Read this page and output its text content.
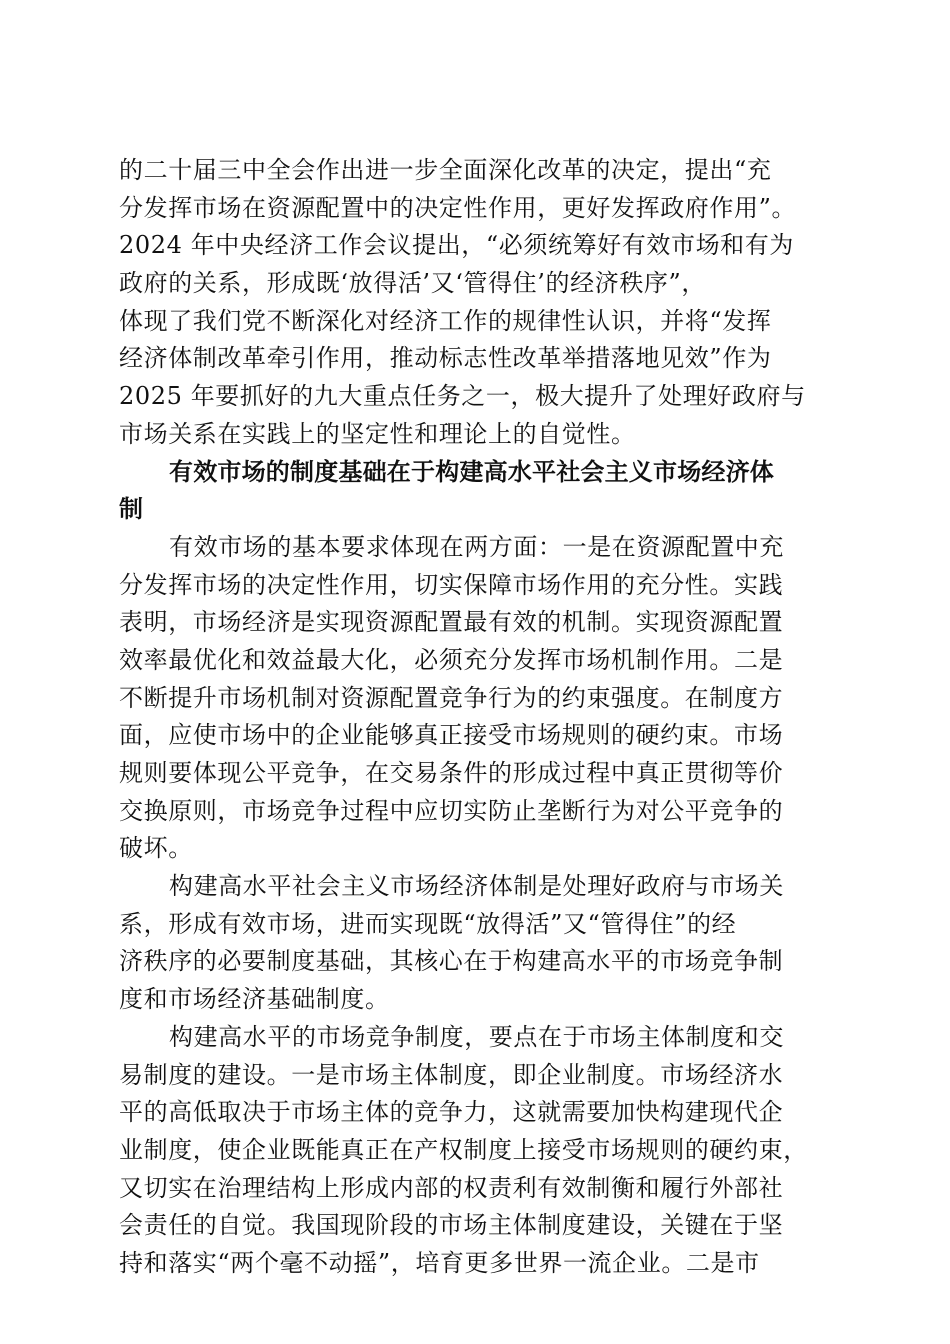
的二十届三中全会作出进一步全面深化改革的决定，提出“充
分发挥市场在资源配置中的决定性作用，更好发挥政府作用”。
2024 年中央经济工作会议提出，“必须统筹好有效市场和有为
政府的关系，形成既‘放得活’又‘管得住’的经济秩序”，
体现了我们党不断深化对经济工作的规律性认识，并将“发挥
经济体制改革牵引作用，推动标志性改革举措落地见效”作为
2025 年要抓好的九大重点任务之一，极大提升了处理好政府与
市场关系在实践上的坚定性和理论上的自觉性。
有效市场的制度基础在于构建高水平社会主义市场经济体
制
有效市场的基本要求体现在两方面：一是在资源配置中充
分发挥市场的决定性作用，切实保障市场作用的充分性。实践
表明，市场经济是实现资源配置最有效的机制。实现资源配置
效率最优化和效益最大化，必须充分发挥市场机制作用。二是
不断提升市场机制对资源配置竞争行为的约束强度。在制度方
面，应使市场中的企业能够真正接受市场规则的硬约束。市场
规则要体现公平竞争，在交易条件的形成过程中真正贯彻等价
交换原则，市场竞争过程中应切实防止垄断行为对公平竞争的
破坏。
构建高水平社会主义市场经济体制是处理好政府与市场关
系，形成有效市场，进而实现既“放得活”又“管得住”的经
济秩序的必要制度基础，其核心在于构建高水平的市场竞争制
度和市场经济基础制度。
构建高水平的市场竞争制度，要点在于市场主体制度和交
易制度的建设。一是市场主体制度，即企业制度。市场经济水
平的高低取决于市场主体的竞争力，这就需要加快构建现代企
业制度，使企业既能真正在产权制度上接受市场规则的硬约束，
又切实在治理结构上形成内部的权责利有效制衡和履行外部社
会责任的自觉。我国现阶段的市场主体制度建设，关键在于坚
持和落实“两个毫不动摇”，培育更多世界一流企业。二是市
